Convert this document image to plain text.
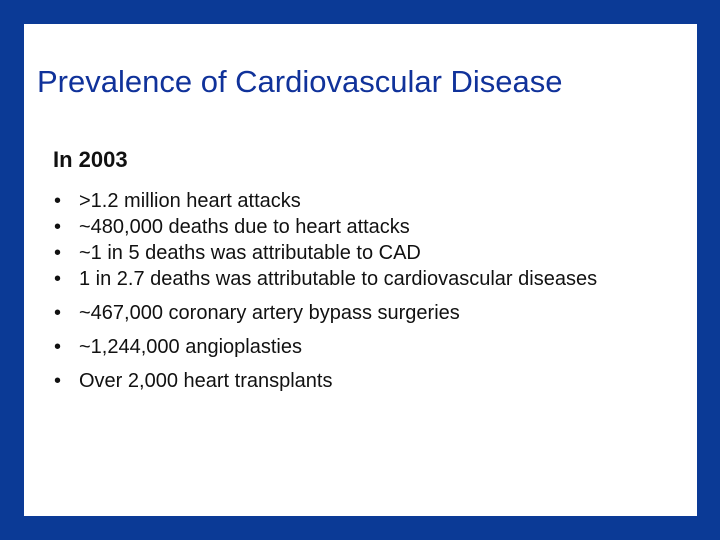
Prevalence of Cardiovascular Disease
In 2003
• >1.2 million heart attacks
• ~480,000 deaths due to heart attacks
• ~1 in 5 deaths was attributable to CAD
• 1 in 2.7 deaths was attributable to cardiovascular diseases
• ~467,000 coronary artery bypass surgeries
• ~1,244,000 angioplasties
• Over 2,000 heart transplants
